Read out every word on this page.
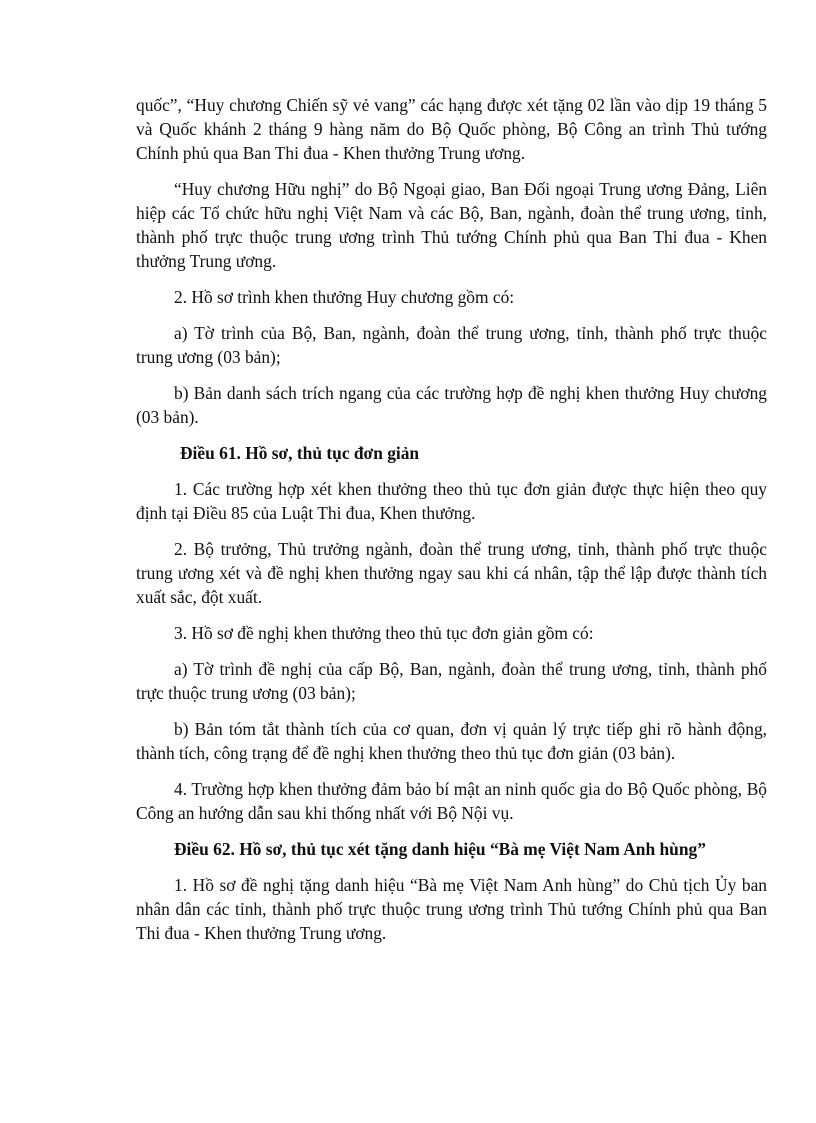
quốc”, “Huy chương Chiến sỹ vẻ vang” các hạng được xét tặng 02 lần vào dịp 19 tháng 5 và Quốc khánh 2 tháng 9 hàng năm do Bộ Quốc phòng, Bộ Công an trình Thủ tướng Chính phủ qua Ban Thi đua - Khen thưởng Trung ương.

“Huy chương Hữu nghị” do Bộ Ngoại giao, Ban Đối ngoại Trung ương Đảng, Liên hiệp các Tổ chức hữu nghị Việt Nam và các Bộ, Ban, ngành, đoàn thể trung ương, tỉnh, thành phố trực thuộc trung ương trình Thủ tướng Chính phủ qua Ban Thi đua - Khen thưởng Trung ương.

2. Hồ sơ trình khen thưởng Huy chương gồm có:

a) Tờ trình của Bộ, Ban, ngành, đoàn thể trung ương, tỉnh, thành phố trực thuộc trung ương (03 bản);

b) Bản danh sách trích ngang của các trường hợp đề nghị khen thưởng Huy chương (03 bản).

Điều 61. Hồ sơ, thủ tục đơn giản

1. Các trường hợp xét khen thưởng theo thủ tục đơn giản được thực hiện theo quy định tại Điều 85 của Luật Thi đua, Khen thưởng.

2. Bộ trưởng, Thủ trưởng ngành, đoàn thể trung ương, tỉnh, thành phố trực thuộc trung ương xét và đề nghị khen thưởng ngay sau khi cá nhân, tập thể lập được thành tích xuất sắc, đột xuất.

3. Hồ sơ đề nghị khen thưởng theo thủ tục đơn giản gồm có:

a) Tờ trình đề nghị của cấp Bộ, Ban, ngành, đoàn thể trung ương, tỉnh, thành phố trực thuộc trung ương (03 bản);

b) Bản tóm tắt thành tích của cơ quan, đơn vị quản lý trực tiếp ghi rõ hành động, thành tích, công trạng để đề nghị khen thưởng theo thủ tục đơn giản (03 bản).

4. Trường hợp khen thưởng đảm bảo bí mật an ninh quốc gia do Bộ Quốc phòng, Bộ Công an hướng dẫn sau khi thống nhất với Bộ Nội vụ.

Điều 62. Hồ sơ, thủ tục xét tặng danh hiệu “Bà mẹ Việt Nam Anh hùng”

1. Hồ sơ đề nghị tặng danh hiệu “Bà mẹ Việt Nam Anh hùng” do Chủ tịch Ủy ban nhân dân các tỉnh, thành phố trực thuộc trung ương trình Thủ tướng Chính phủ qua Ban Thi đua - Khen thưởng Trung ương.
